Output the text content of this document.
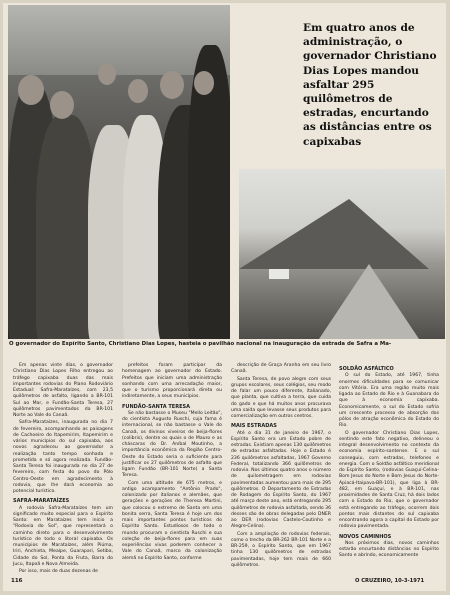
Em quatro anos de administração, o governador Christiano Dias Lopes mandou asfaltar 295 quilômetros de estradas, encurtando as distâncias entre os capixabas
O governador do Espírito Santo, Christiano Dias Lopes, hasteia o pavilhão nacional na inauguração da estrada de Safra a Ma-

Em apenas vinte dias, o governador Christiano Dias Lopes Filho entregou ao tráfego capixaba duas das mais importantes rodovias do Plano Rodoviário Estadual: Safra-Marataízes, com 23,5 quilômetros de asfalto, ligando a BR-101 Sul ao Mar, e Fundão-Santa Teresa, 27 quilômetros pavimentados da BR-101 Norte ao Vale do Canaã.

Safra-Marataízes, inaugurada no dia 7 de fevereiro, acompanhando as paisagens de Cachoeiro do Itapemirim, Itapemirim e vários municípios do sul capixaba, aos novos agradeceu ao governador a realização tanto tempo sonhada e prometida e só agora realizada. Fundão-Santa Teresa foi inaugurada no dia 27 de fevereiro, com festa do povo do Pólo Centro-Oeste em agradecimento à rodovia, que lhe dará economia ao potencial turístico.

SAFRA-MARATAÍZES

A rodovia Safra-Marataízes tem um significado muito especial para o Espírito Santo: em Marataízes tem início a "Rodovia do Sol", que representará o caminho direto para o desenvolvimento turístico de todo o litoral capixaba. Os municípios de Marataízes, além Piúma, Iriri, Anchieta, Meaípe, Guarapari, Setiba, Cidade do Sol, Ponta da Fruta, Barra do Jucu, Itapoã e Nova Almeida.

Por isso, mais de duas dezenas de

prefeitos foram participar da homenagem ao governador do Estado. Prefeitos que iniciam uma administração sonhando com uma arrecadação maior, que o turismo proporcionará direta ou indiretamente, a seus municípios.

FUNDÃO-SANTA TERESA

Se não bastasse o Museu "Mello Leitão", do cientista Augusto Ruschi, cuja fama é internacional, se não bastasse o Vale do Canaã, os divinos viveiros de beija-flores (colibris), dentre os quais o de Mauro e as cháscaras do Dr. Aníbal Moutinho, a importância econômica da Região Centro-Oeste do Estado seria o suficiente para justificar os 27 quilômetros de asfalto que ligam Fundão (BR-101 Norte) a Santa Teresa.

Com uma altitude de 675 metros, e antigo acampamento "Antônio Prado", colonizado por italianos e alemães, que gerações e gerações de Theresa Martini, que colocou o extremo de Santa em uma bonita serra, Santa Teresa é hoje um dos mais importantes pontos turísticos do Espírito Santo. Estudiosos de todo o mundo procuram o cientista Ruschi e sua coleção de beija-flores para em suas experiências vivas poderem conhecer a Vale do Canaã, marco da colonização alemã no Espírito Santo, conforme

descrição de Graça Aranha em seu livro Canaã.

Santa Teresa, de povo alegre com seus grupos escolares, seus colégios, seu modo de falar um pouco diferente, italianado, que planta, que cultiva a terra, que cuida do gado e que há muitos anos procurava uma saída que levasse seus produtos para comercialização em outros centros.

MAIS ESTRADAS

Até o dia 31 de janeiro de 1967, o Espírito Santo era um Estado pobre de estradas. Existiam apenas 130 quilômetros de estradas asfaltadas. Hoje o Estado é 236 quilômetros asfaltadas, 1967 Governo Federal, totalizando 366 quilômetros de rodovia. Nos últimos quatro anos o número de quilometragem em rodovias pavimentadas aumentou para mais de 295 quilômetros. O Departamento de Estradas de Rodagem do Espírito Santo, do 1967 até março deste ano, está entregando 295 quilômetros de rodovia asfaltada, sendo 36 desses são de obras delegadas pelo DNER ao DER (rodovias Castelo-Coutinho e Alegre-Celina).

Com a ampliação de rodovias federais, como o trecho da BR-262 BR-101 Norte e a BR-259, o Espírito Santo, que em 1967 tinha 130 quilômetros de estradas pavimentadas, hoje tem mais de 660 quilômetros.

SOLDÃO ASFÁLTICO

O sul do Estado, até 1967, tinha enormes dificuldades para se comunicar com Vitória. Era uma região muito mais ligada ao Estado do Rio e à Guanabara do que à economia capixaba. Economicamente, o sul do Estado sofria um crescente processo de absorção dos pólos de atração econômica do Estado do Rio.

O governador Christiano Dias Lopes, sentindo este fato negativo, delineou o integral desenvolvimento no contexto da economia espírito-santense. E o sul conseguiu, com estradas, telefones e energia. Com o Soldão asfáltico meridional do Espírito Santo, (rodovias Guaçuí-Celina-Bom Jesus do Norte e Bom Jesus do Norte-Apiacá-Itaipava-BR-101), que liga à BR-482, em Guaçuí, e à BR-101, nas proximidades de Santa Cruz, há dois lados com o Estado do Rio, que o governador está entregando ao tráfego, ocorrem dois pontos mais distantes do sul capixaba encontrando agora a capital do Estado por rodovia pavimentada.

NOVOS CAMINHOS

Nos próximos dias, novos caminhos estarão encurtando distâncias no Espírito Santo e abrindo, economicamente

116	O CRUZEIRO, 10-3-1971
